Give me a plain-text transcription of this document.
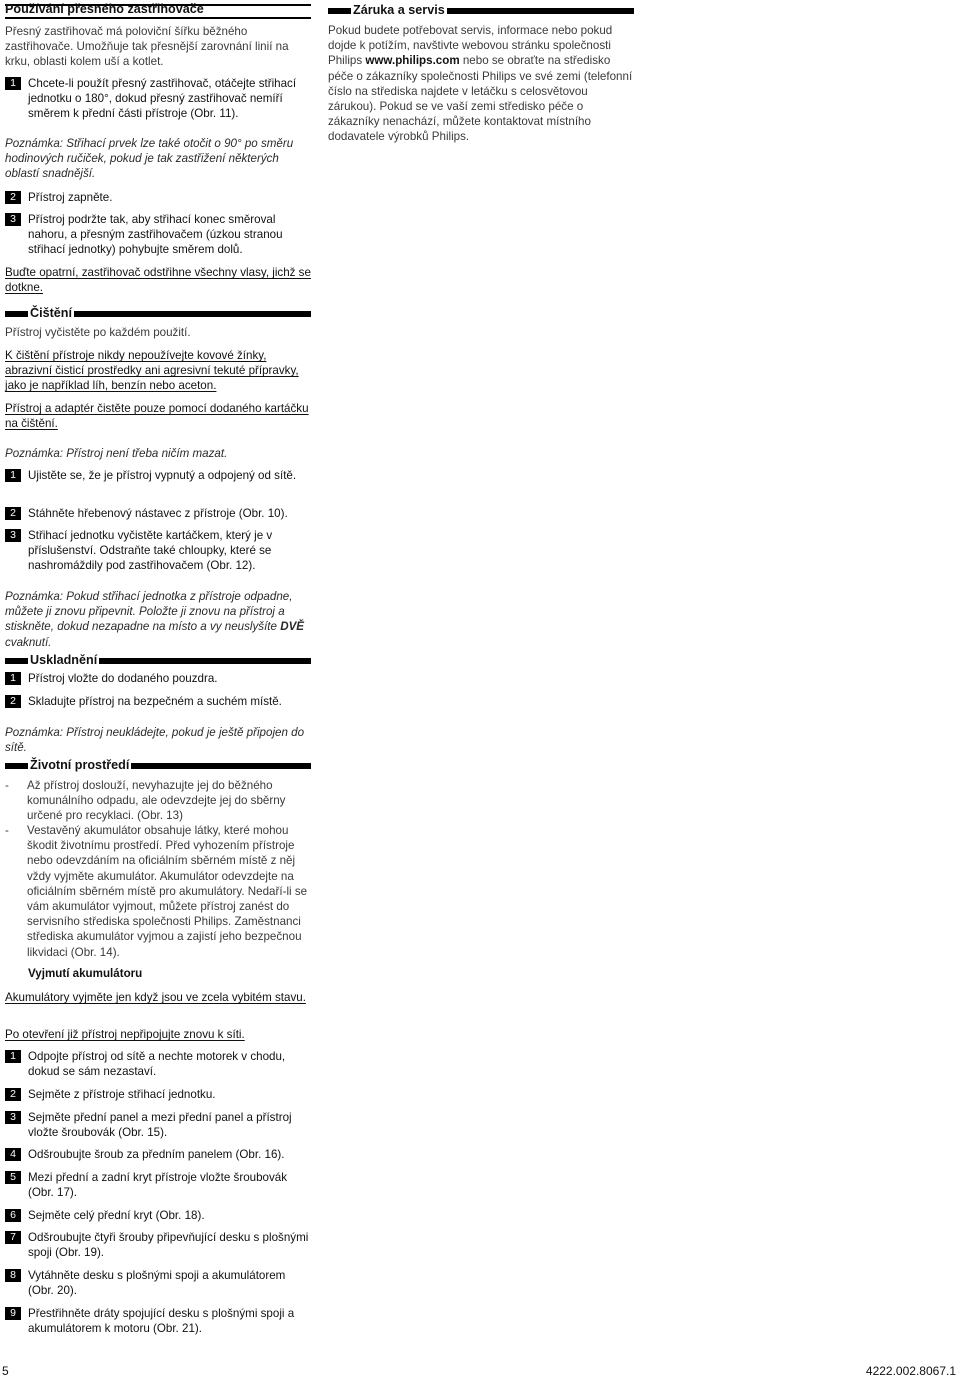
Používání přesného zastřihovače
Přesný zastřihovač má poloviční šířku běžného zastřihovače. Umožňuje tak přesnější zarovnání linií na krku, oblasti kolem uší a kotlet.
1	Chcete-li použít přesný zastřihovač, otáčejte střihací jednotku o 180°, dokud přesný zastřihovač nemíří směrem k přední části přístroje (Obr. 11).
Poznámka: Střihací prvek lze také otočit o 90° po směru hodinových ručiček, pokud je tak zastřižení některých oblastí snadnější.
2	Přístroj zapněte.
3	Přístroj podržte tak, aby střihací konec směroval nahoru, a přesným zastřihovačem (úzkou stranou střihací jednotky) pohybujte směrem dolů.
Buďte opatrní, zastřihovač odstřihne všechny vlasy, jichž se dotkne.
Čištění
Přístroj vyčistěte po každém použití.
K čištění přístroje nikdy nepoužívejte kovové žínky, abrazivní čisticí prostředky ani agresivní tekuté přípravky, jako je například líh, benzín nebo aceton.
Přístroj a adaptér čistěte pouze pomocí dodaného kartáčku na čištění.
Poznámka: Přístroj není třeba ničím mazat.
1	Ujistěte se, že je přístroj vypnutý a odpojený od sítě.
2	Stáhněte hřebenový nástavec z přístroje (Obr. 10).
3	Střihací jednotku vyčistěte kartáčkem, který je v příslušenství. Odstraňte také chloupky, které se nashromáždily pod zastřihovačem (Obr. 12).
Poznámka: Pokud střihací jednotka z přístroje odpadne, můžete ji znovu připevnit. Položte ji znovu na přístroj a stiskněte, dokud nezapadne na místo a vy neuslyšíte DVĚ cvaknutí.
Uskladnění
1	Přístroj vložte do dodaného pouzdra.
2	Skladujte přístroj na bezpečném a suchém místě.
Poznámka: Přístroj neukládejte, pokud je ještě připojen do sítě.
Životní prostředí
-	Až přístroj doslouží, nevyhazujte jej do běžného komunálního odpadu, ale odevzdejte jej do sběrny určené pro recyklaci. (Obr. 13)
-	Vestavěný akumulátor obsahuje látky, které mohou škodit životnímu prostředí. Před vyhozením přístroje nebo odevzdáním na oficiálním sběrném místě z něj vždy vyjměte akumulátor. Akumulátor odevzdejte na oficiálním sběrném místě pro akumulátory. Nedaří-li se vám akumulátor vyjmout, můžete přístroj zanést do servisního střediska společnosti Philips. Zaměstnanci střediska akumulátor vyjmou a zajistí jeho bezpečnou likvidaci (Obr. 14).
Vyjmutí akumulátoru
Akumulátory vyjměte jen když jsou ve zcela vybitém stavu.
Po otevření již přístroj nepřipojujte znovu k síti.
1	Odpojte přístroj od sítě a nechte motorek v chodu, dokud se sám nezastaví.
2	Sejměte z přístroje střihací jednotku.
3	Sejměte přední panel a mezi přední panel a přístroj vložte šroubovák (Obr. 15).
4	Odšroubujte šroub za předním panelem (Obr. 16).
5	Mezi přední a zadní kryt přístroje vložte šroubovák (Obr. 17).
6	Sejměte celý přední kryt (Obr. 18).
7	Odšroubujte čtyři šrouby připevňující desku s plošnými spoji (Obr. 19).
8	Vytáhněte desku s plošnými spoji a akumulátorem (Obr. 20).
9	Přestřihněte dráty spojující desku s plošnými spoji a akumulátorem k motoru (Obr. 21).
Záruka a servis
Pokud budete potřebovat servis, informace nebo pokud dojde k potížím, navštivte webovou stránku společnosti Philips www.philips.com nebo se obraťte na středisko péče o zákazníky společnosti Philips ve své zemi (telefonní číslo na střediska najdete v letáčku s celosvětovou zárukou). Pokud se ve vaší zemi středisko péče o zákazníky nenachází, můžete kontaktovat místního dodavatele výrobků Philips.
5	4222.002.8067.1
